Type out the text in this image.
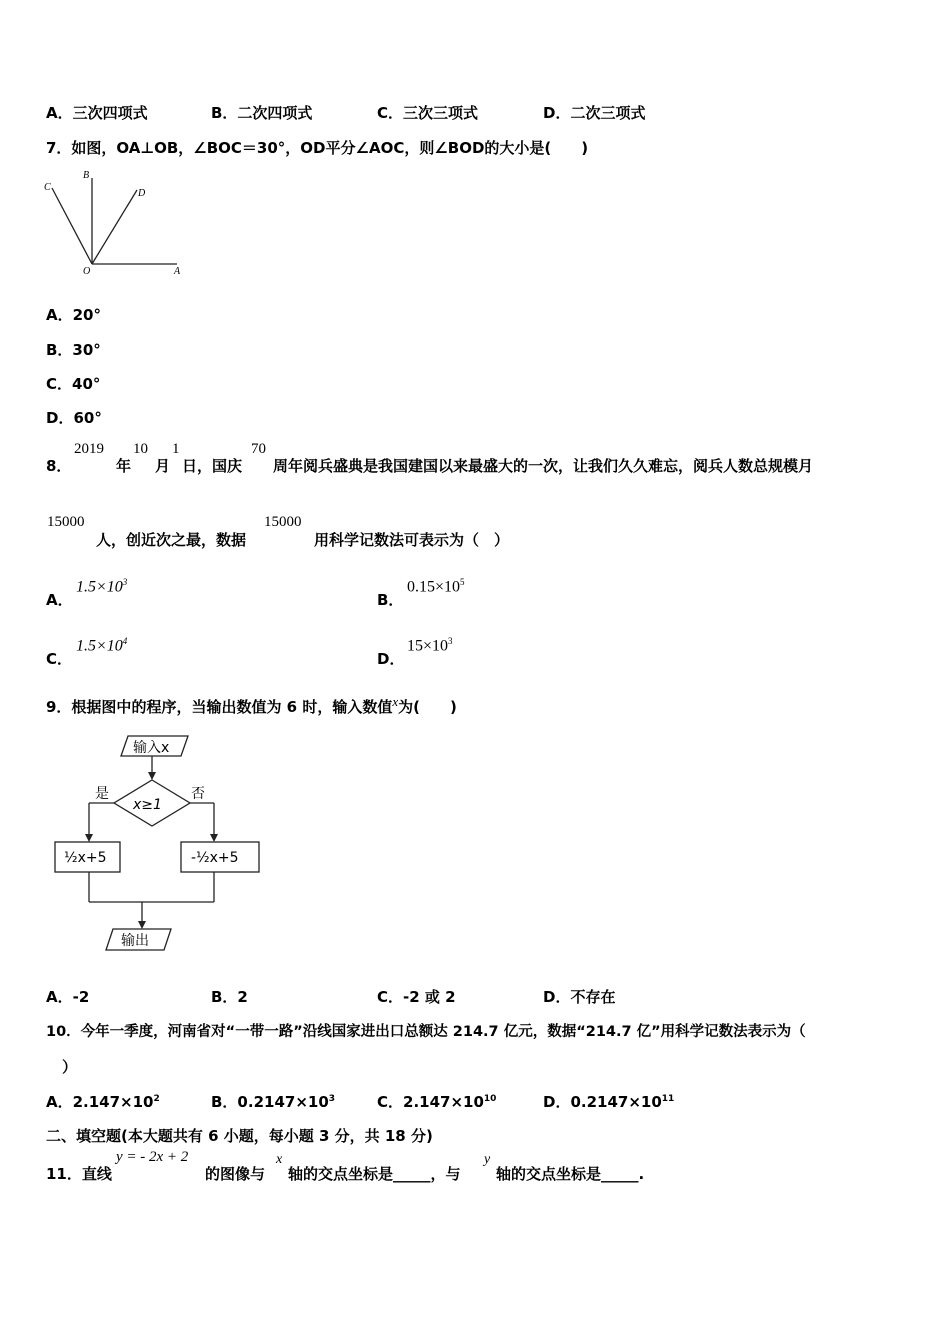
A．三次四项式	B．二次四项式	C．三次三项式	D．二次三项式
7．如图，OA⊥OB，∠BOC＝30°，OD平分∠AOC，则∠BOD的大小是(　　)
C
B
D
O	A
A．20°
B．30°
C．40°
D．60°
8．
2019
年
10
月
1
日，国庆
70
周年阅兵盛典是我国建国以来最盛大的一次，让我们久久难忘，阅兵人数总规模月
15000
人，创近次之最，数据
15000
用科学记数法可表示为（　）
A．
$1.5\times 10^3$
B．
$0.15\times 10^5$
C．
$1.5\times 10^4$
D．
$15\times 10^3$
9．根据图中的程序，当输出数值为 6 时，输入数值x为(　　)
输入x
x≥1
是	否
½x+5	-½x+5
输出
A．-2	B．2	C．-2 或 2	D．不存在
10．今年一季度，河南省对“一带一路”沿线国家进出口总额达 214.7 亿元，数据“214.7 亿”用科学记数法表示为（
）
A．$2.147\times 10^2$	B．$0.2147\times 10^3$	C．$2.147\times 10^{10}$	D．$0.2147\times 10^{11}$
二、填空题(本大题共有 6 小题，每小题 3 分，共 18 分)
11．直线
y = - 2x + 2
的图像与
x
轴的交点坐标是_____，与
y
轴的交点坐标是_____.
